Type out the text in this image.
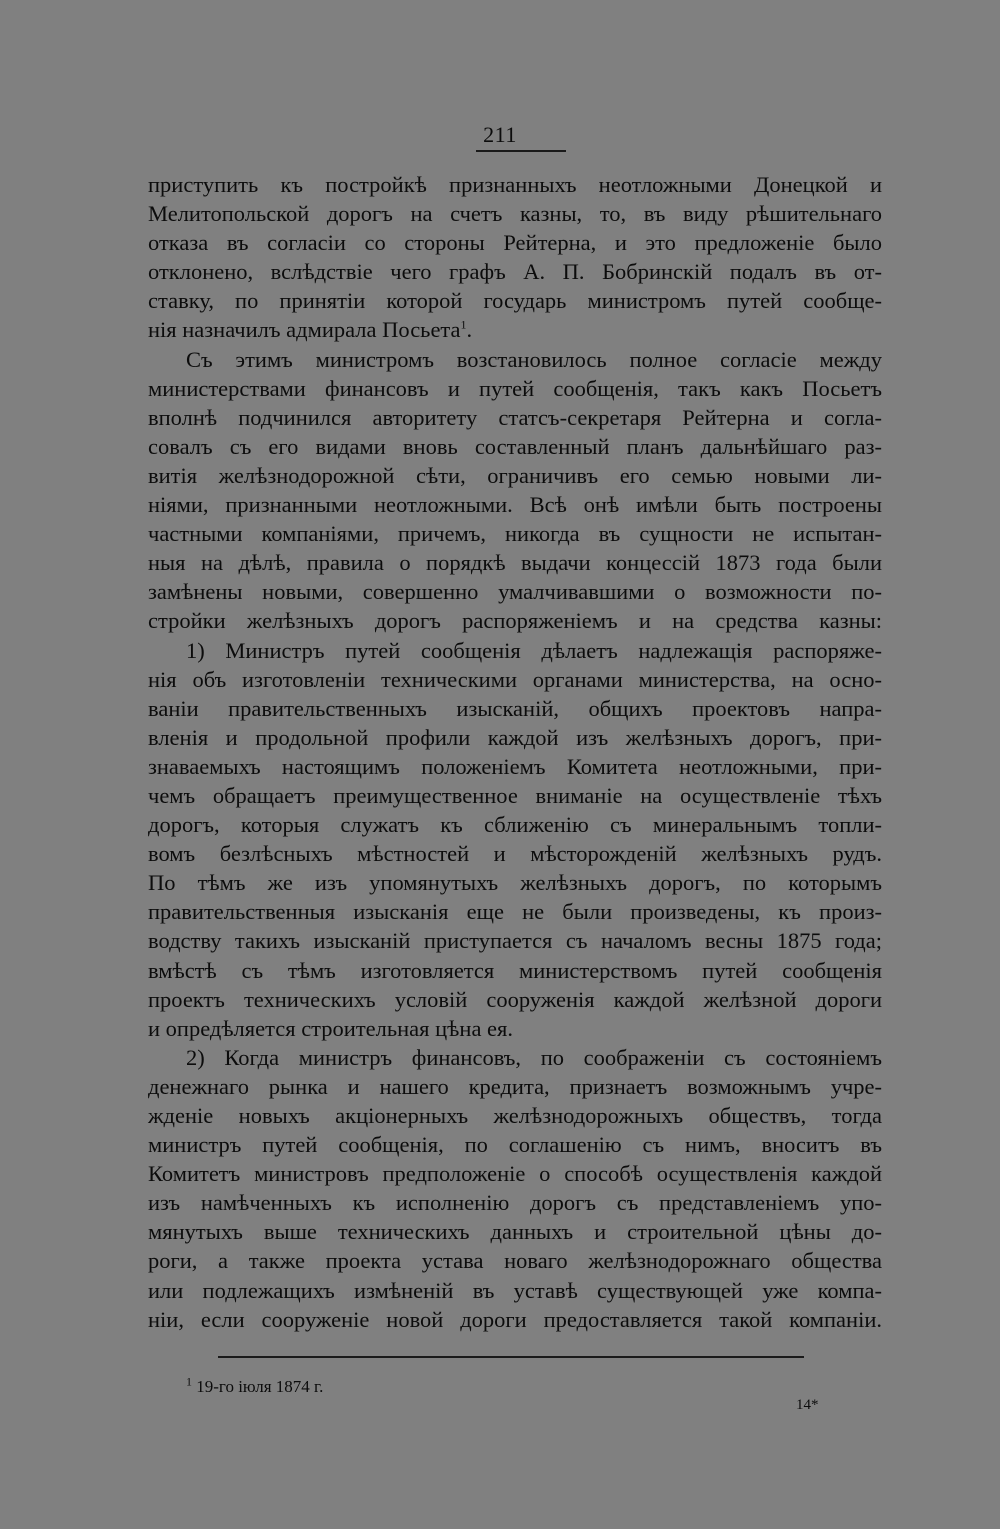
211
приступить къ постройкѣ признанныхъ неотложными Донецкой и
Мелитопольской дорогъ на счетъ казны, то, въ виду рѣшительнаго
отказа въ согласіи со стороны Рейтерна, и это предложеніе было
отклонено, вслѣдствіе чего графъ А. П. Бобринскій подалъ въ от-
ставку, по принятіи которой государь министромъ путей сообще-
нія назначилъ адмирала Посьета$^1$.
Съ этимъ министромъ возстановилось полное согласіе между
министерствами финансовъ и путей сообщенія, такъ какъ Посьетъ
вполнѣ подчинился авторитету статсъ-секретаря Рейтерна и согла-
совалъ съ его видами вновь составленный планъ дальнѣйшаго раз-
витія желѣзнодорожной сѣти, ограничивъ его семью новыми ли-
ніями, признанными неотложными. Всѣ онѣ имѣли быть построены
частными компаніями, причемъ, никогда въ сущности не испытан-
ныя на дѣлѣ, правила о порядкѣ выдачи концессій 1873 года были
замѣнены новыми, совершенно умалчивавшими о возможности по-
стройки желѣзныхъ дорогъ распоряженіемъ и на средства казны:
1) Министръ путей сообщенія дѣлаетъ надлежащія распоряже-
нія объ изготовленіи техническими органами министерства, на осно-
ваніи правительственныхъ изысканій, общихъ проектовъ напра-
вленія и продольной профили каждой изъ желѣзныхъ дорогъ, при-
знаваемыхъ настоящимъ положеніемъ Комитета неотложными, при-
чемъ обращаетъ преимущественное вниманіе на осуществленіе тѣхъ
дорогъ, которыя служатъ къ сближенію съ минеральнымъ топли-
вомъ безлѣсныхъ мѣстностей и мѣсторожденій желѣзныхъ рудъ.
По тѣмъ же изъ упомянутыхъ желѣзныхъ дорогъ, по которымъ
правительственныя изысканія еще не были произведены, къ произ-
водству такихъ изысканій приступается съ началомъ весны 1875 года;
вмѣстѣ съ тѣмъ изготовляется министерствомъ путей сообщенія
проектъ техническихъ условій сооруженія каждой желѣзной дороги
и опредѣляется строительная цѣна ея.
2) Когда министръ финансовъ, по соображеніи съ состояніемъ
денежнаго рынка и нашего кредита, признаетъ возможнымъ учре-
жденіе новыхъ акціонерныхъ желѣзнодорожныхъ обществъ, тогда
министръ путей сообщенія, по соглашенію съ нимъ, вноситъ въ
Комитетъ министровъ предположеніе о способѣ осуществленія каждой
изъ намѣченныхъ къ исполненію дорогъ съ представленіемъ упо-
мянутыхъ выше техническихъ данныхъ и строительной цѣны до-
роги, а также проекта устава новаго желѣзнодорожнаго общества
или подлежащихъ измѣненій въ уставѣ существующей уже компа-
ніи, если сооруженіе новой дороги предоставляется такой компаніи.
$^1$ 19-го іюля 1874 г.
14*
